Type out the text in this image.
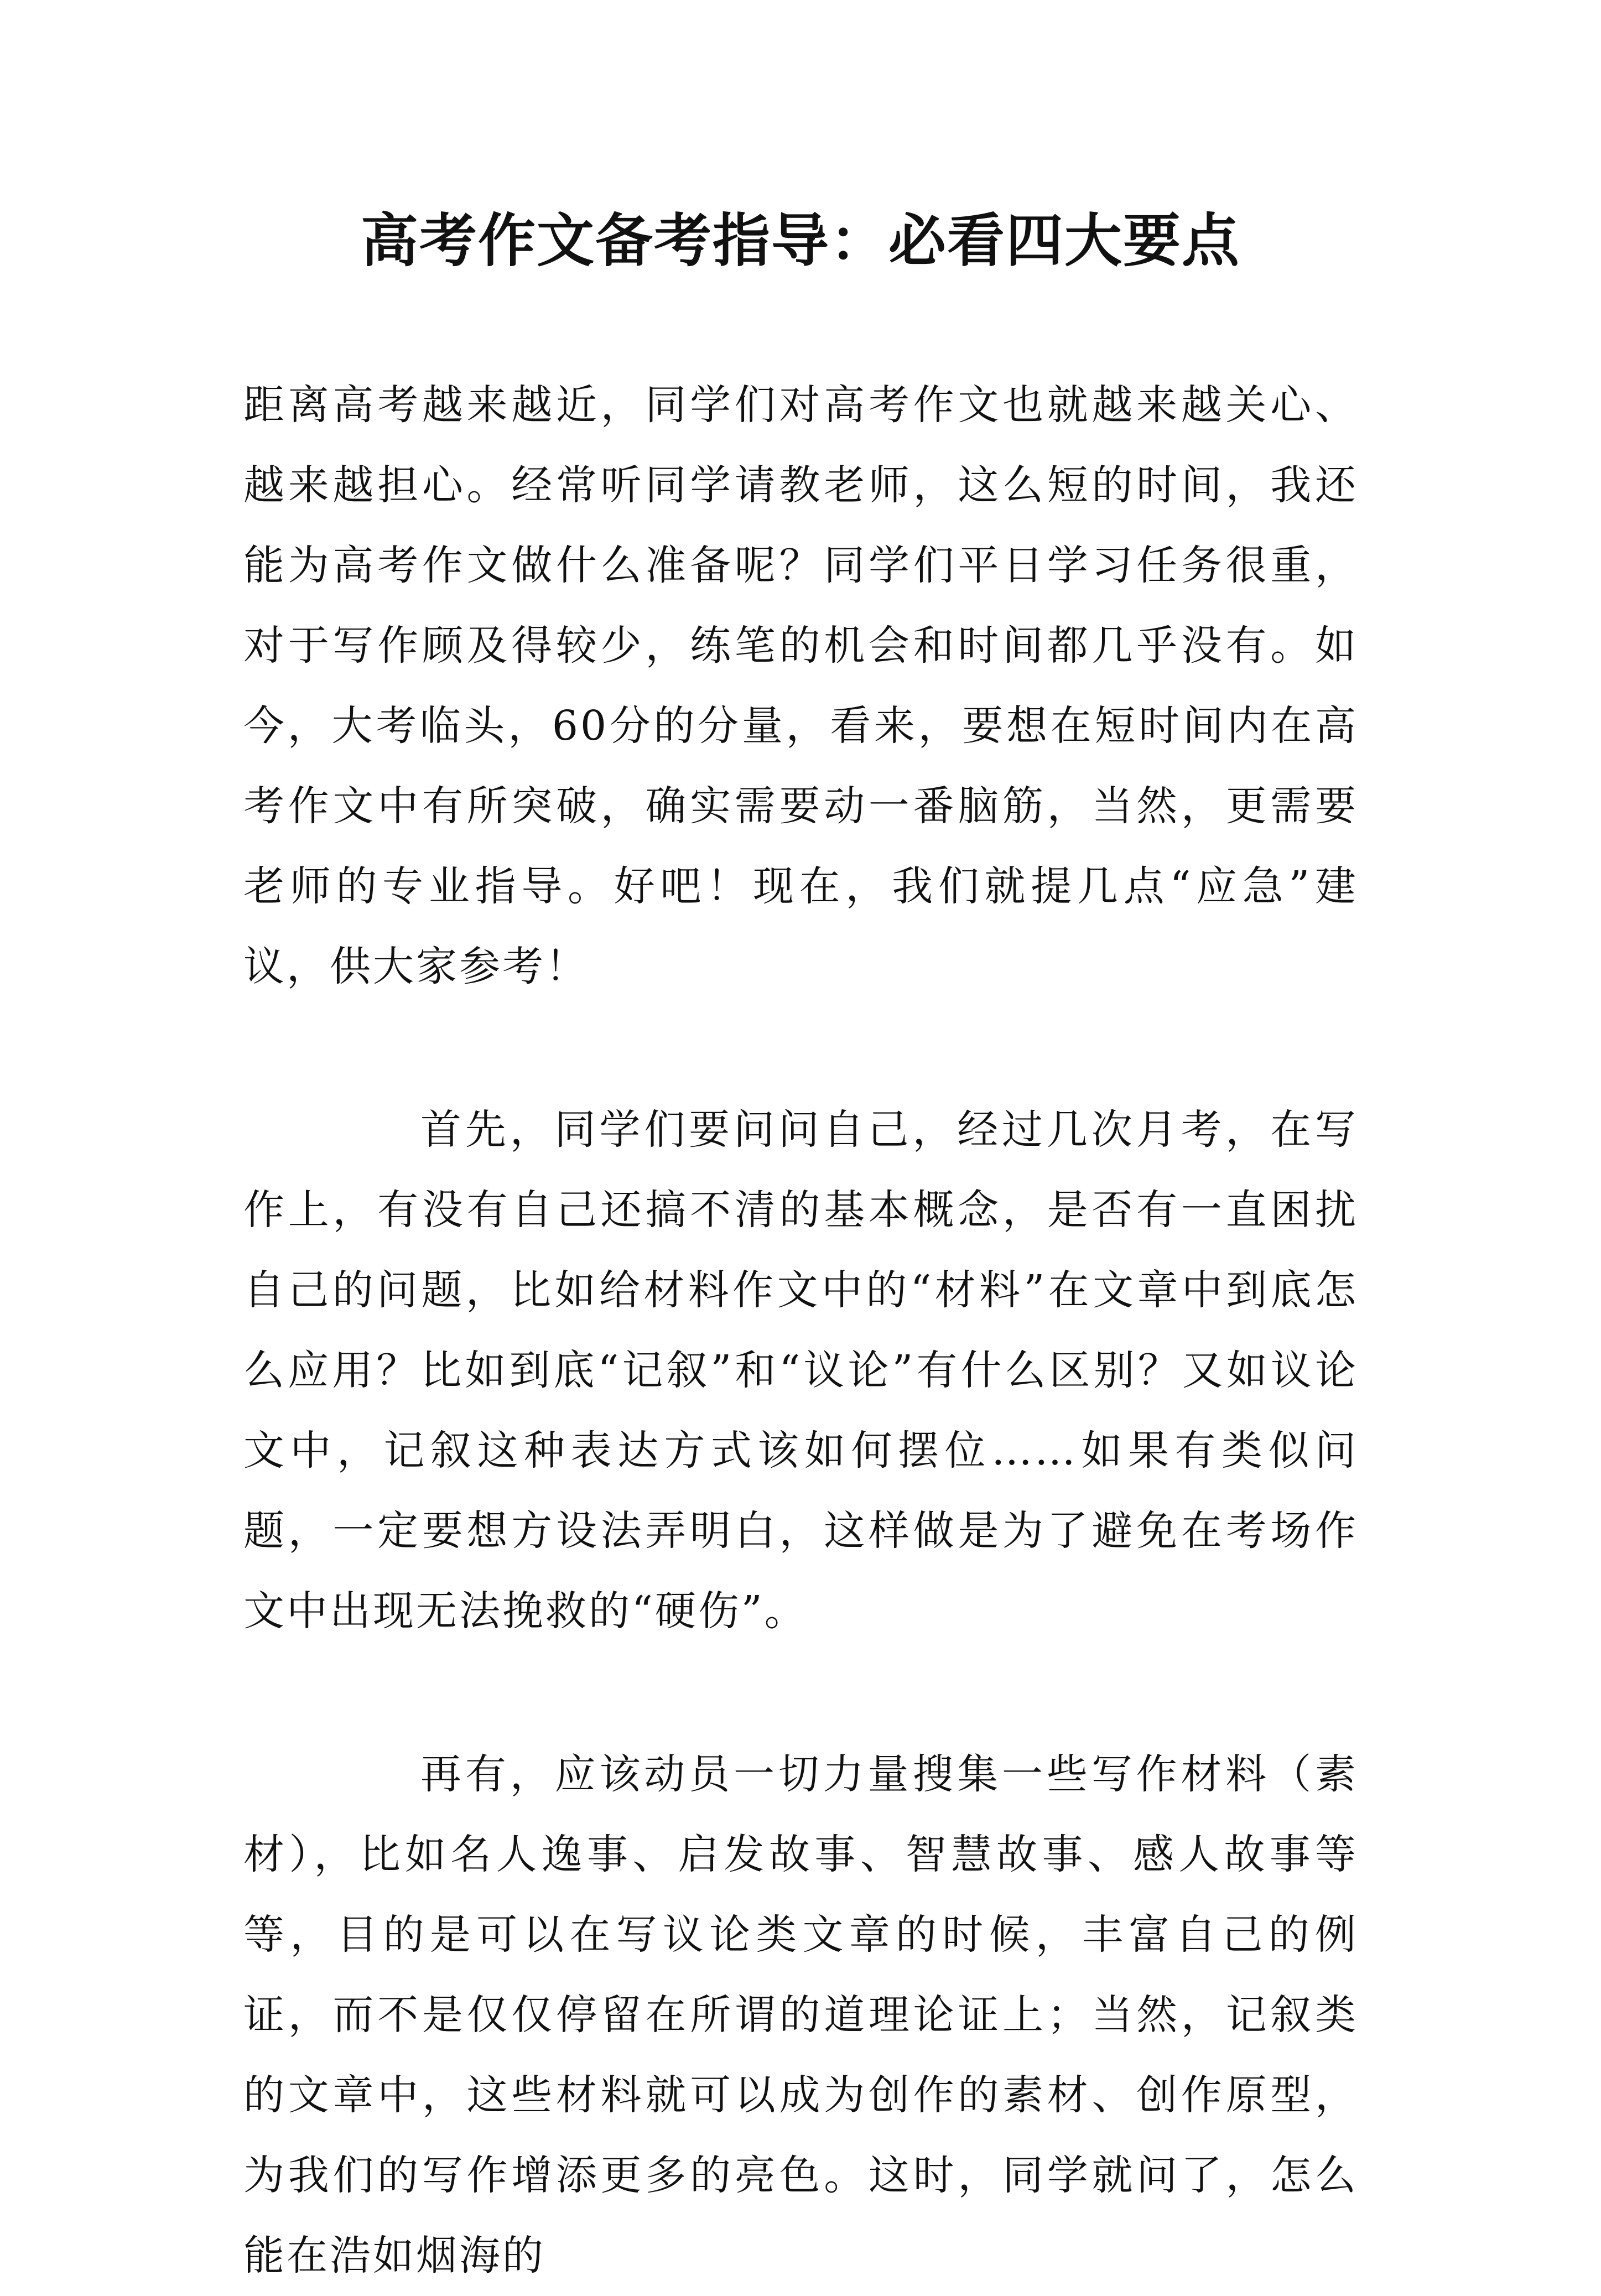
高考作文备考指导：必看四大要点

距离高考越来越近，同学们对高考作文也就越来越关心、越来越担心。经常听同学请教老师，这么短的时间，我还能为高考作文做什么准备呢？同学们平日学习任务很重，对于写作顾及得较少，练笔的机会和时间都几乎没有。如今，大考临头，60分的分量，看来，要想在短时间内在高考作文中有所突破，确实需要动一番脑筋，当然，更需要老师的专业指导。好吧！现在，我们就提几点“应急”建议，供大家参考！

首先，同学们要问问自己，经过几次月考，在写作上，有没有自己还搞不清的基本概念，是否有一直困扰自己的问题，比如给材料作文中的“材料”在文章中到底怎么应用？比如到底“记叙”和“议论”有什么区别？又如议论文中，记叙这种表达方式该如何摆位……如果有类似问题，一定要想方设法弄明白，这样做是为了避免在考场作文中出现无法挽救的“硬伤”。

再有，应该动员一切力量搜集一些写作材料（素材），比如名人逸事、启发故事、智慧故事、感人故事等等，目的是可以在写议论类文章的时候，丰富自己的例证，而不是仅仅停留在所谓的道理论证上；当然，记叙类的文章中，这些材料就可以成为创作的素材、创作原型，为我们的写作增添更多的亮色。这时，同学就问了，怎么能在浩如烟海的
